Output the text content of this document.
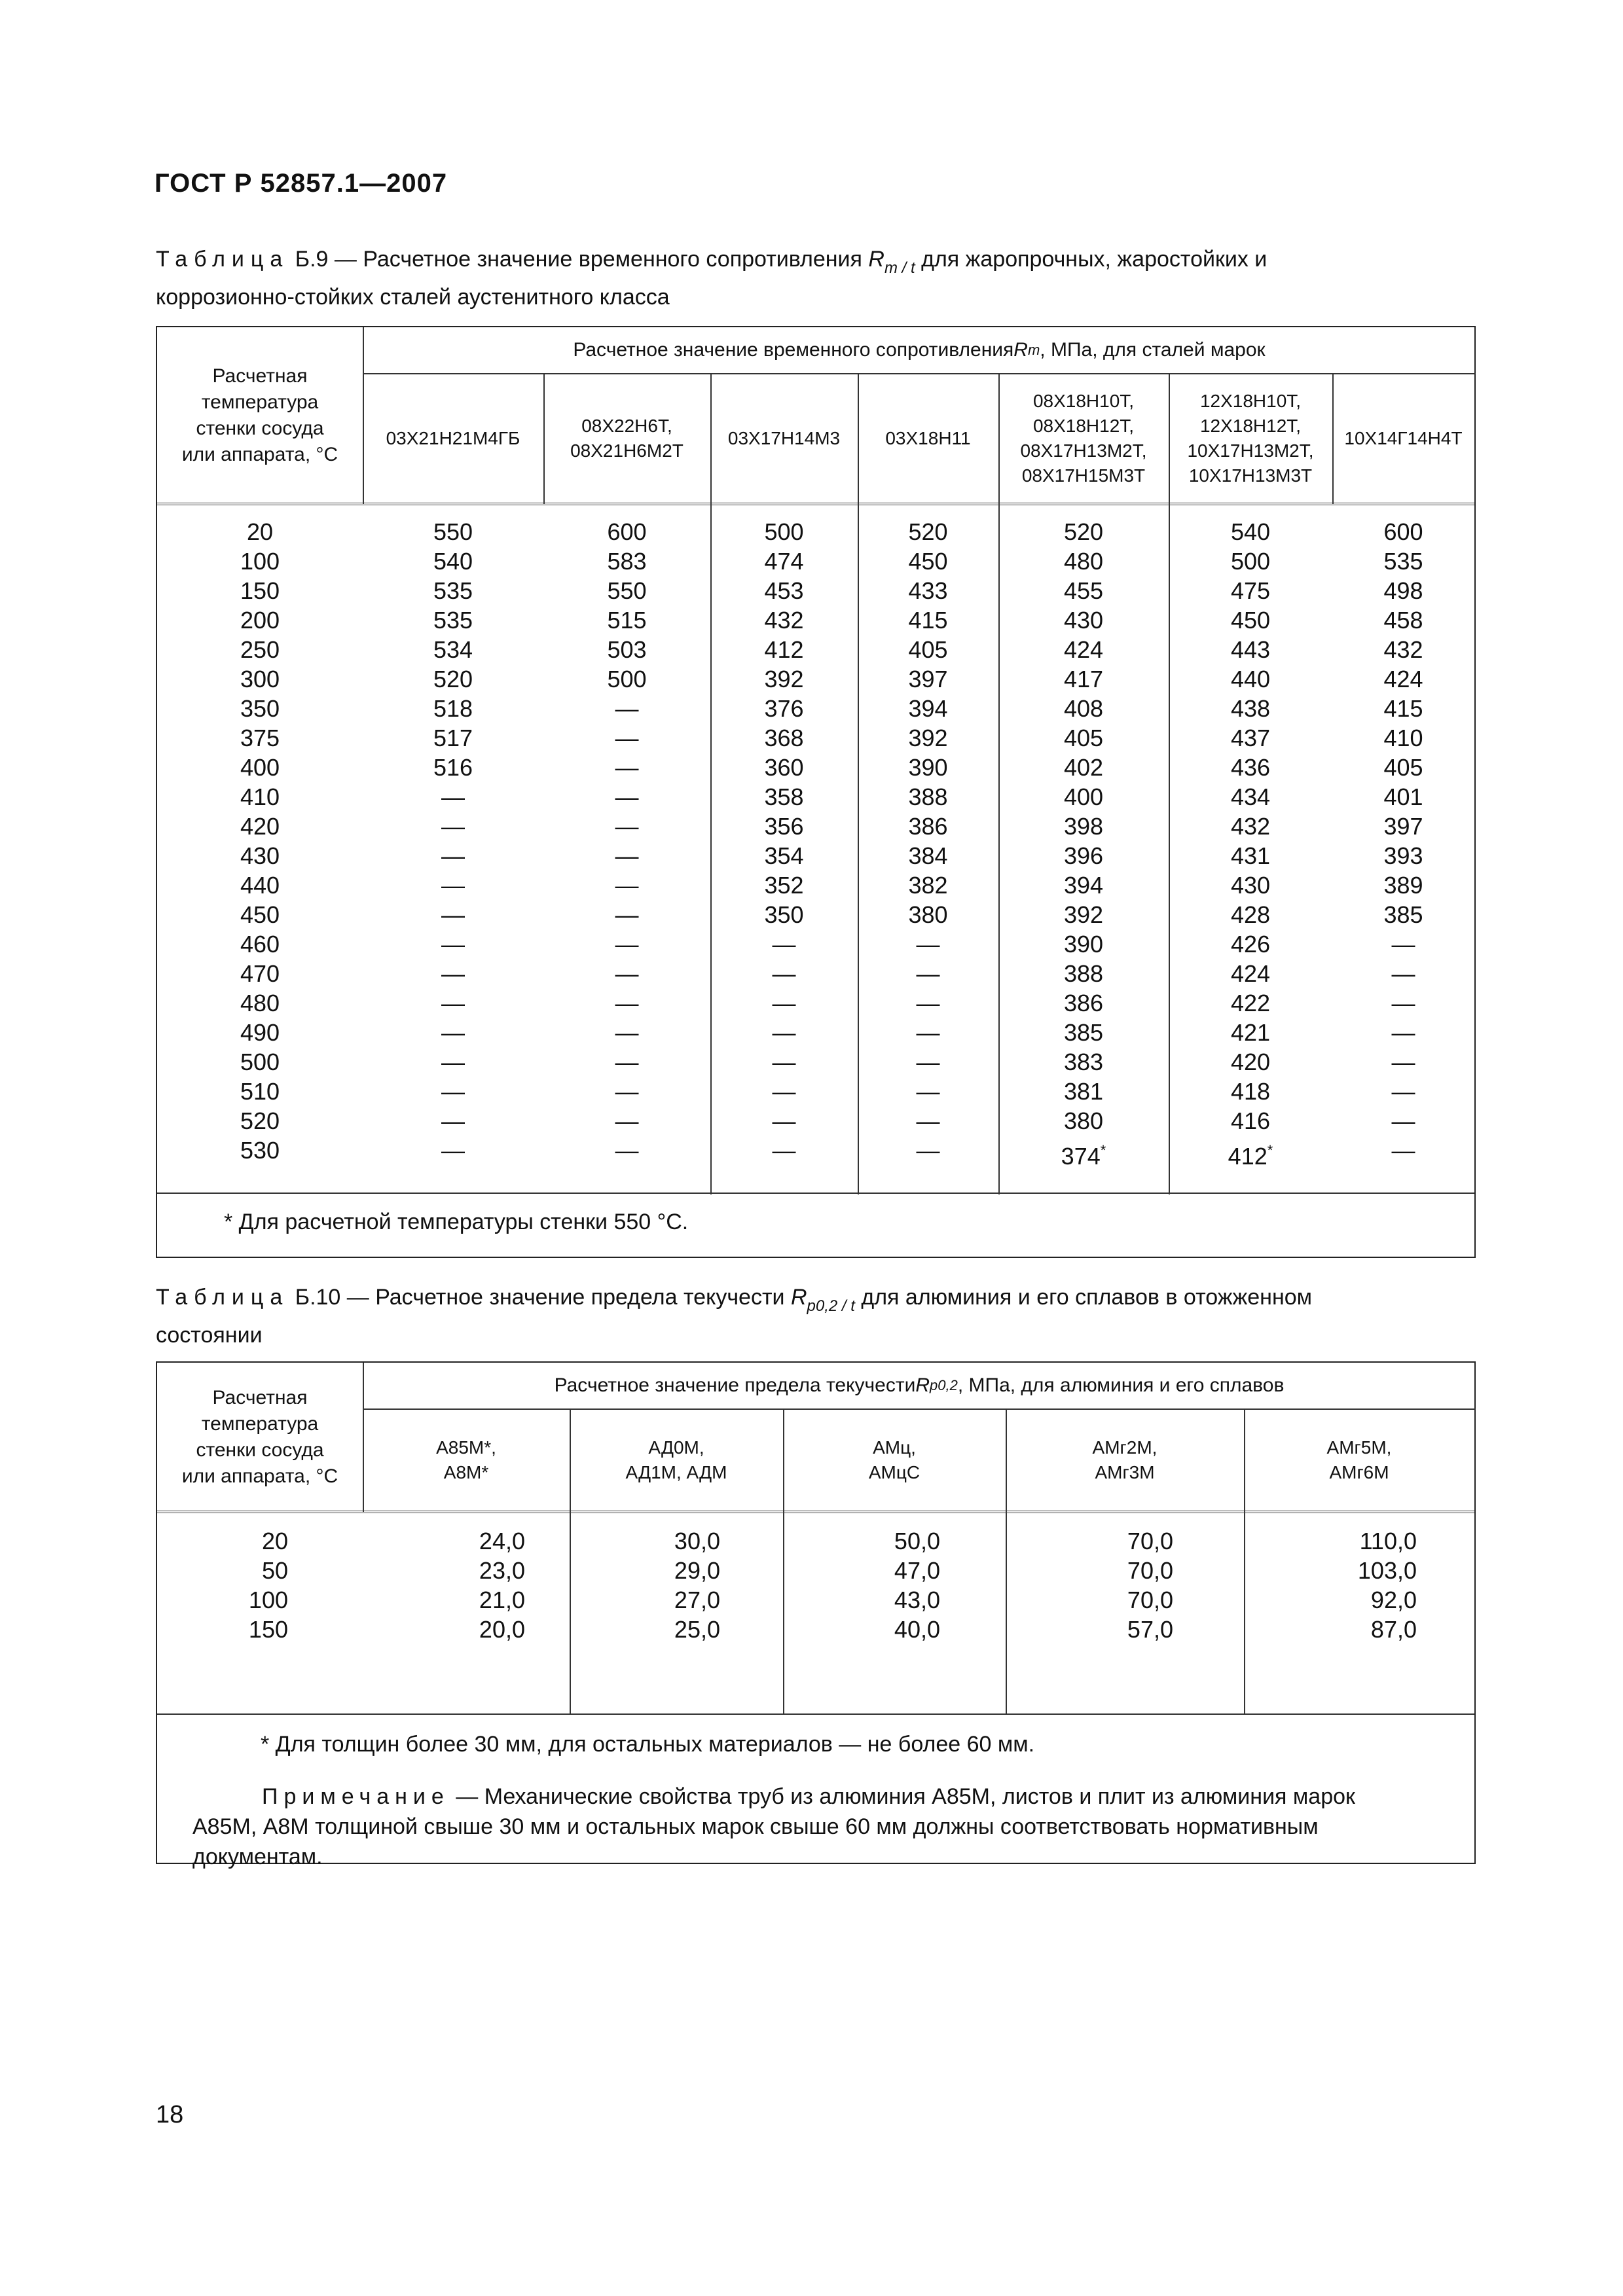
ГОСТ Р 52857.1—2007
Таблица Б.9 — Расчетное значение временного сопротивления $R_{m / t}$ для жаропрочных, жаростойких и
коррозионно-стойких сталей аустенитного класса
Расчетная
температура
стенки сосуда
или аппарата, °С
Расчетное значение временного сопротивления R m , МПа, для сталей марок
03Х21Н21М4ГБ
08Х22Н6Т,
08Х21Н6М2Т
03Х17Н14М3 03Х18Н11
08Х18Н10Т,
08Х18Н12Т,
08Х17Н13М2Т,
08Х17Н15М3Т
12Х18Н10Т,
12Х18Н12Т,
10Х17Н13М2Т,
10Х17Н13М3Т
10Х14Г14Н4Т
20
100
150
200
250
300
350
375
400
410
420
430
440
450
460
470
480
490
500
510
520
530
550
540
535
535
534
520
518
517
516
—
—
—
—
—
—
—
—
—
—
—
—
—
600
583
550
515
503
500
—
—
—
—
—
—
—
—
—
—
—
—
—
—
—
—
500
474
453
432
412
392
376
368
360
358
356
354
352
350
—
—
—
—
—
—
—
—
520
450
433
415
405
397
394
392
390
388
386
384
382
380
—
—
—
—
—
—
—
—
520
480
455
430
424
417
408
405
402
400
398
396
394
392
390
388
386
385
383
381
380
374*
540
500
475
450
443
440
438
437
436
434
432
431
430
428
426
424
422
421
420
418
416
412*
600
535
498
458
432
424
415
410
405
401
397
393
389
385
—
—
—
—
—
—
—
—
* Для расчетной температуры стенки 550 °С.
Таблица Б.10 — Расчетное значение предела текучести $R_{p0,2 / t}$ для алюминия и его сплавов в отожженном
состоянии
Расчетная
температура
стенки сосуда
или аппарата, °С
Расчетное значение предела текучести R p0,2 , МПа, для алюминия и его сплавов
А85М*,
А8М*
АД0М,
АД1М, АДМ
АМц,
АМцС
АМг2М,
АМг3М
АМг5М,
АМг6М
20
50
100
150
24,0
23,0
21,0
20,0
30,0
29,0
27,0
25,0
50,0
47,0
43,0
40,0
70,0
70,0
70,0
57,0
110,0
103,0
92,0
87,0
* Для толщин более 30 мм, для остальных материалов — не более 60 мм.
Примечание — Механические свойства труб из алюминия А85М, листов и плит из алюминия марок
А85М, А8М толщиной свыше 30 мм и остальных марок свыше 60 мм должны соответствовать нормативным
документам.
18
